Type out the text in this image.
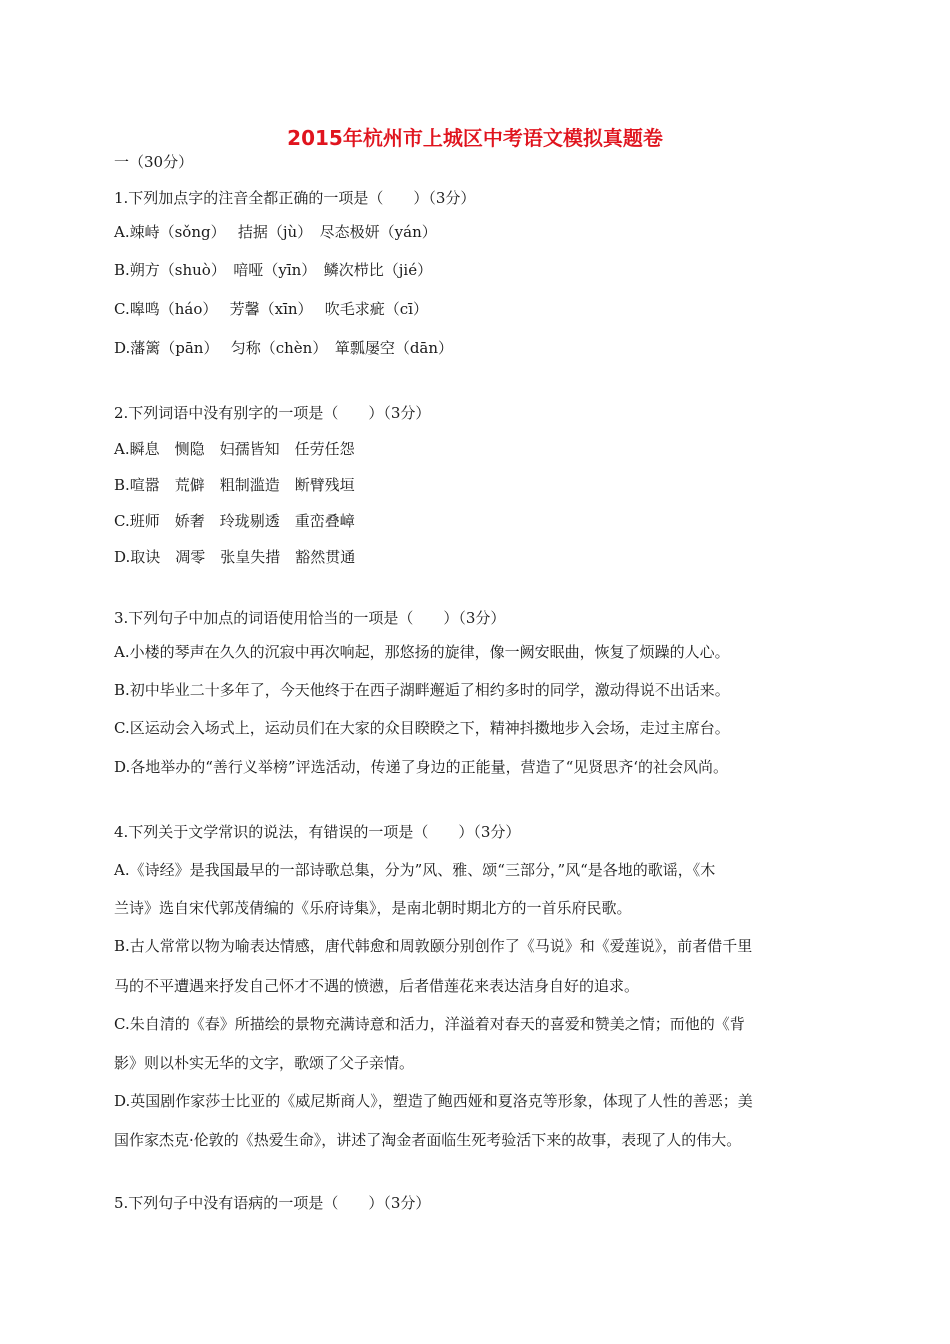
2015年杭州市上城区中考语文模拟真题卷

一（30分）

1.下列加点字的注音全都正确的一项是（　　）（3分）

A.竦峙（sǒng）　 拮据（jù）　尽态极妍（yán）

B.朔方（shuò）　喑哑（yīn）　鳞次栉比（jié）

C.嗥鸣（háo）　 芳馨（xīn）　 吹毛求疵（cī）

D.藩篱（pān）　 匀称（chèn）　箪瓢屡空（dān）

2.下列词语中没有别字的一项是（　　）（3分）

A.瞬息　恻隐　妇孺皆知　任劳任怨

B.喧嚣　荒僻　粗制滥造　断臂残垣

C.班师　娇奢　玲珑剔透　重峦叠嶂

D.取诀　凋零　张皇失措　豁然贯通

3.下列句子中加点的词语使用恰当的一项是（　　）（3分）

A.小楼的琴声在久久的沉寂中再次响起，那悠扬的旋律，像一阙安眠曲，恢复了烦躁的人心。

B.初中毕业二十多年了，今天他终于在西子湖畔邂逅了相约多时的同学，激动得说不出话来。

C.区运动会入场式上，运动员们在大家的众目睽睽之下，精神抖擞地步入会场，走过主席台。

D.各地举办的“善行义举榜”评选活动，传递了身边的正能量，营造了“见贤思齐‘的社会风尚。

4.下列关于文学常识的说法，有错误的一项是（　　）（3分）

A.《诗经》是我国最早的一部诗歌总集，分为”风、雅、颂“三部分，”风“是各地的歌谣，《木

兰诗》选自宋代郭茂倩编的《乐府诗集》，是南北朝时期北方的一首乐府民歌。

B.古人常常以物为喻表达情感，唐代韩愈和周敦颐分别创作了《马说》和《爱莲说》，前者借千里

马的不平遭遇来抒发自己怀才不遇的愤懑，后者借莲花来表达洁身自好的追求。

C.朱自清的《春》所描绘的景物充满诗意和活力，洋溢着对春天的喜爱和赞美之情；而他的《背

影》则以朴实无华的文字，歌颂了父子亲情。

D.英国剧作家莎士比亚的《威尼斯商人》，塑造了鲍西娅和夏洛克等形象，体现了人性的善恶；美

国作家杰克·伦敦的《热爱生命》，讲述了淘金者面临生死考验活下来的故事，表现了人的伟大。

5.下列句子中没有语病的一项是（　　）（3分）
